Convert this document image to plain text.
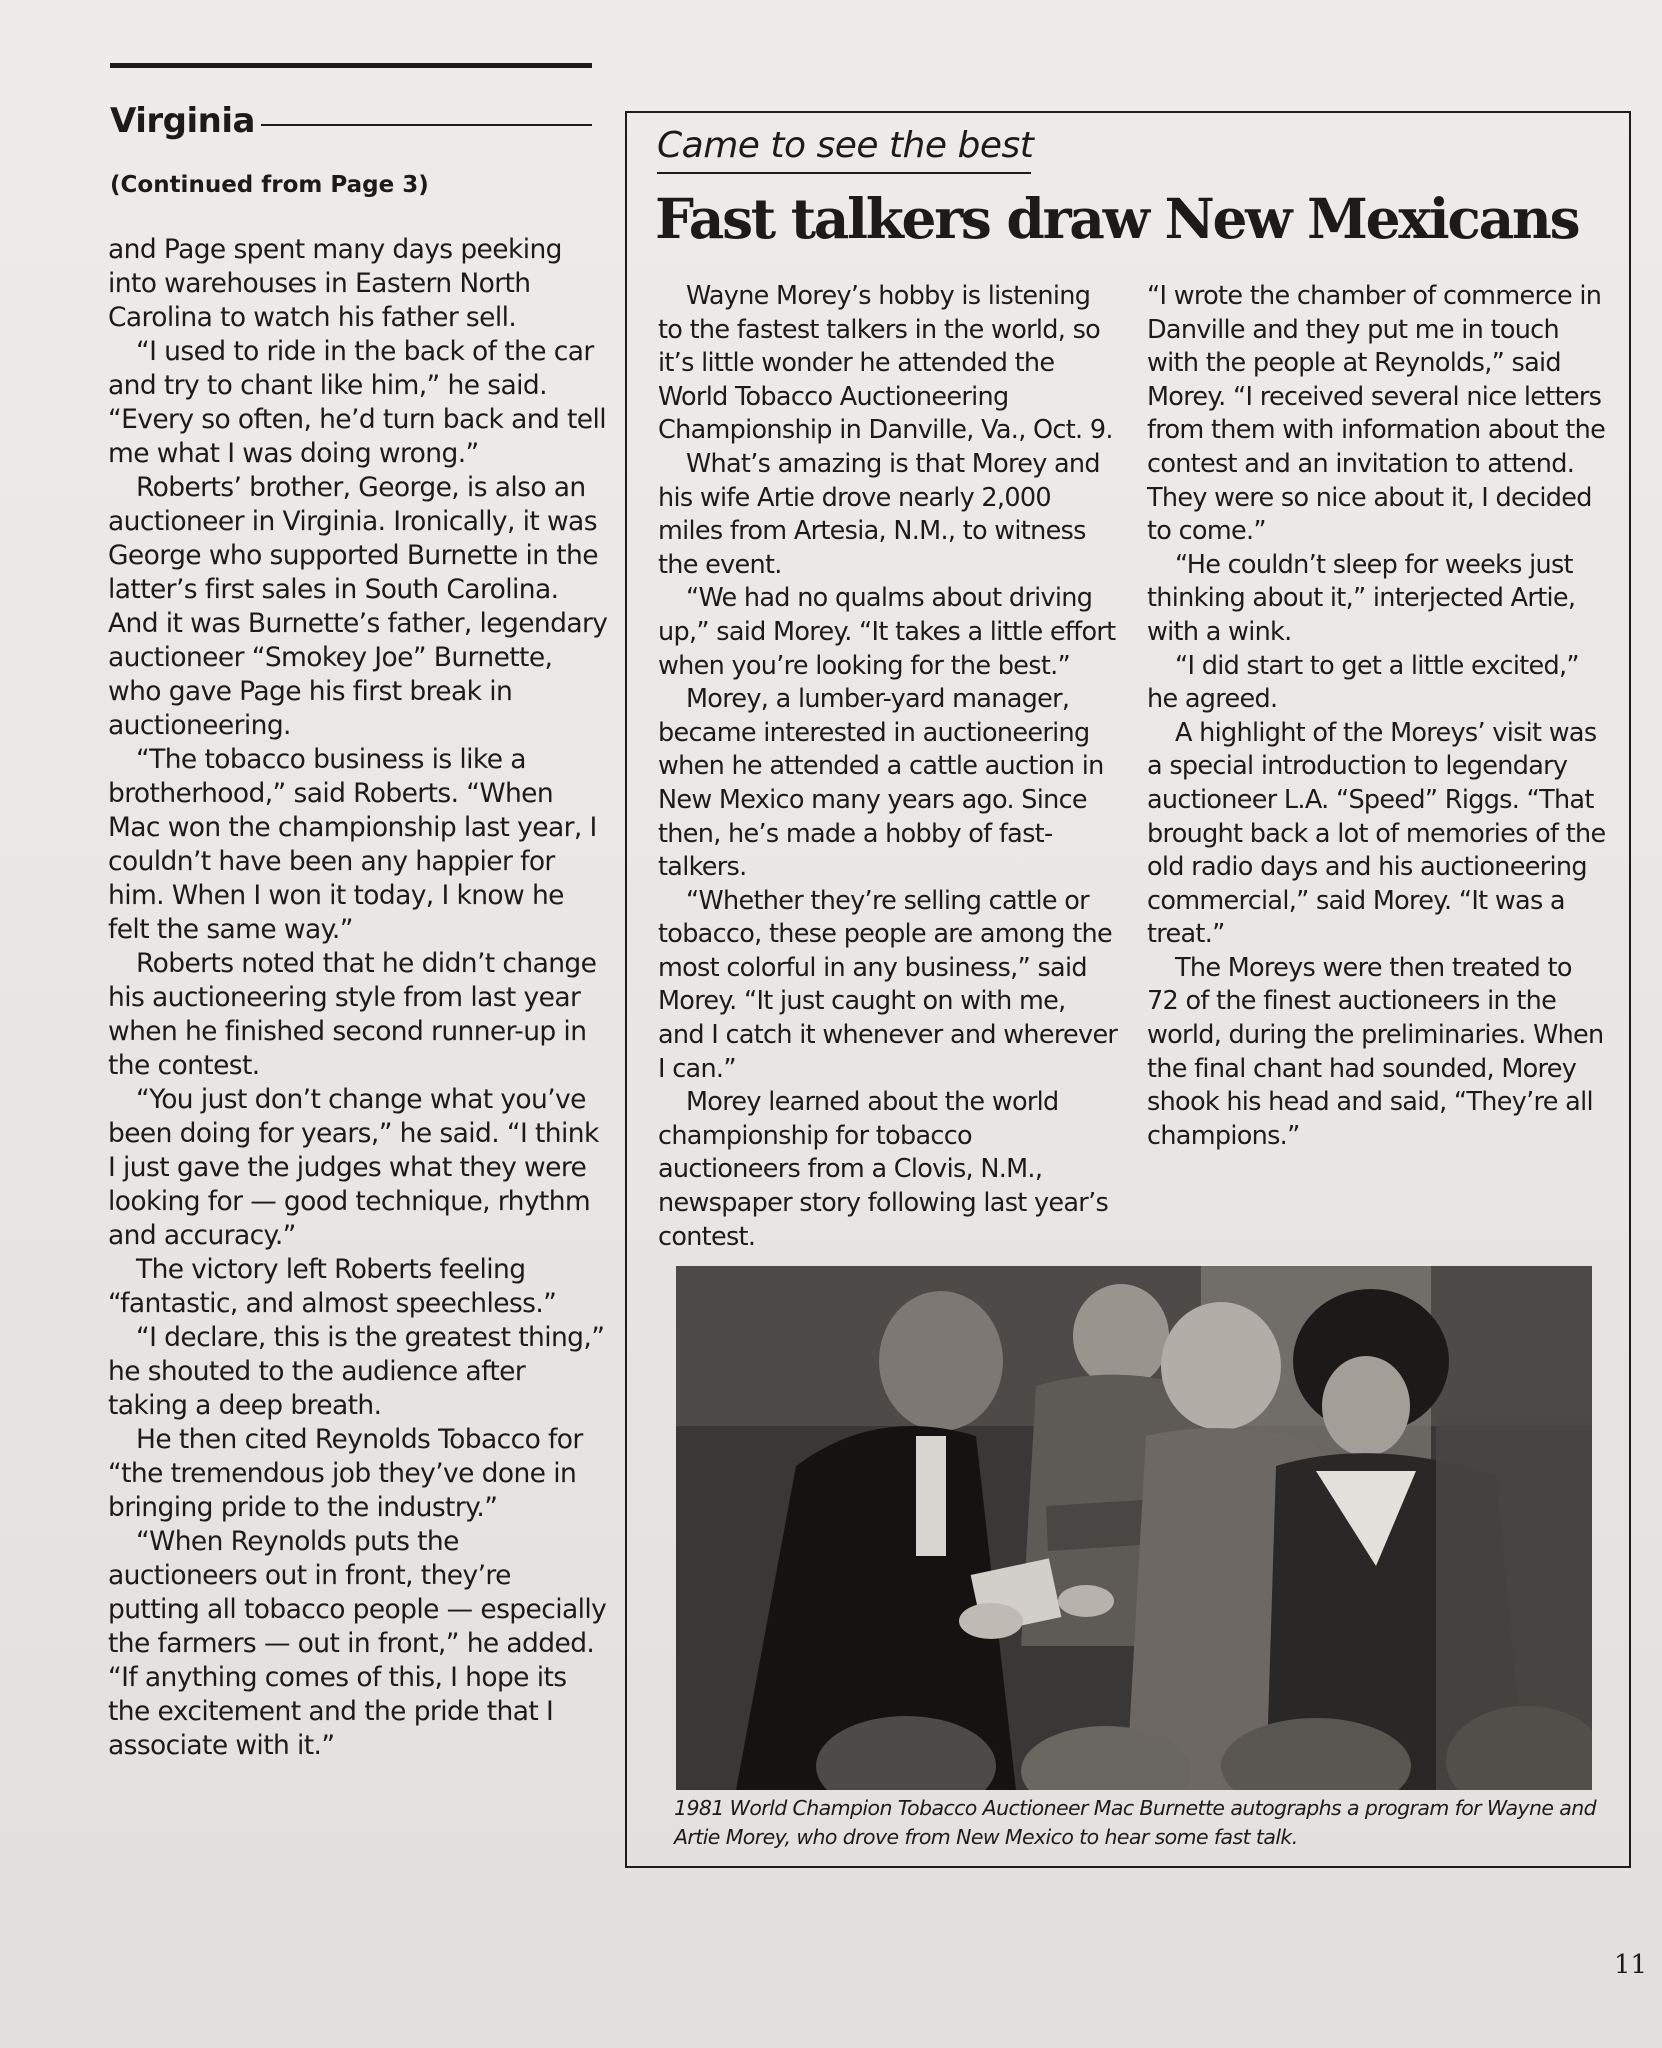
Virginia
(Continued from Page 3)

and Page spent many days peeking into warehouses in Eastern North Carolina to watch his father sell.

“I used to ride in the back of the car and try to chant like him,” he said. “Every so often, he’d turn back and tell me what I was doing wrong.”

Roberts’ brother, George, is also an auctioneer in Virginia. Ironically, it was George who supported Burnette in the latter’s first sales in South Carolina. And it was Burnette’s father, legendary auctioneer “Smokey Joe” Burnette, who gave Page his first break in auctioneering.

“The tobacco business is like a brotherhood,” said Roberts. “When Mac won the championship last year, I couldn’t have been any happier for him. When I won it today, I know he felt the same way.”

Roberts noted that he didn’t change his auctioneering style from last year when he finished second runner-up in the contest.

“You just don’t change what you’ve been doing for years,” he said. “I think I just gave the judges what they were looking for — good technique, rhythm and accuracy.”

The victory left Roberts feeling “fantastic, and almost speechless.”

“I declare, this is the greatest thing,” he shouted to the audience after taking a deep breath.

He then cited Reynolds Tobacco for “the tremendous job they’ve done in bringing pride to the industry.”

“When Reynolds puts the auctioneers out in front, they’re putting all tobacco people — especially the farmers — out in front,” he added. “If anything comes of this, I hope its the excitement and the pride that I associate with it.”

Came to see the best
Fast talkers draw New Mexicans

Wayne Morey’s hobby is listening to the fastest talkers in the world, so it’s little wonder he attended the World Tobacco Auctioneering Championship in Danville, Va., Oct. 9.

What’s amazing is that Morey and his wife Artie drove nearly 2,000 miles from Artesia, N.M., to witness the event.

“We had no qualms about driving up,” said Morey. “It takes a little effort when you’re looking for the best.”

Morey, a lumber-yard manager, became interested in auctioneering when he attended a cattle auction in New Mexico many years ago. Since then, he’s made a hobby of fast-talkers.

“Whether they’re selling cattle or tobacco, these people are among the most colorful in any business,” said Morey. “It just caught on with me, and I catch it whenever and wherever I can.”

Morey learned about the world championship for tobacco auctioneers from a Clovis, N.M., newspaper story following last year’s contest.

“I wrote the chamber of commerce in Danville and they put me in touch with the people at Reynolds,” said Morey. “I received several nice letters from them with information about the contest and an invitation to attend. They were so nice about it, I decided to come.”

“He couldn’t sleep for weeks just thinking about it,” interjected Artie, with a wink.

“I did start to get a little excited,” he agreed.

A highlight of the Moreys’ visit was a special introduction to legendary auctioneer L.A. “Speed” Riggs. “That brought back a lot of memories of the old radio days and his auctioneering commercial,” said Morey. “It was a treat.”

The Moreys were then treated to 72 of the finest auctioneers in the world, during the preliminaries. When the final chant had sounded, Morey shook his head and said, “They’re all champions.”

1981 World Champion Tobacco Auctioneer Mac Burnette autographs a program for Wayne and Artie Morey, who drove from New Mexico to hear some fast talk.
11
